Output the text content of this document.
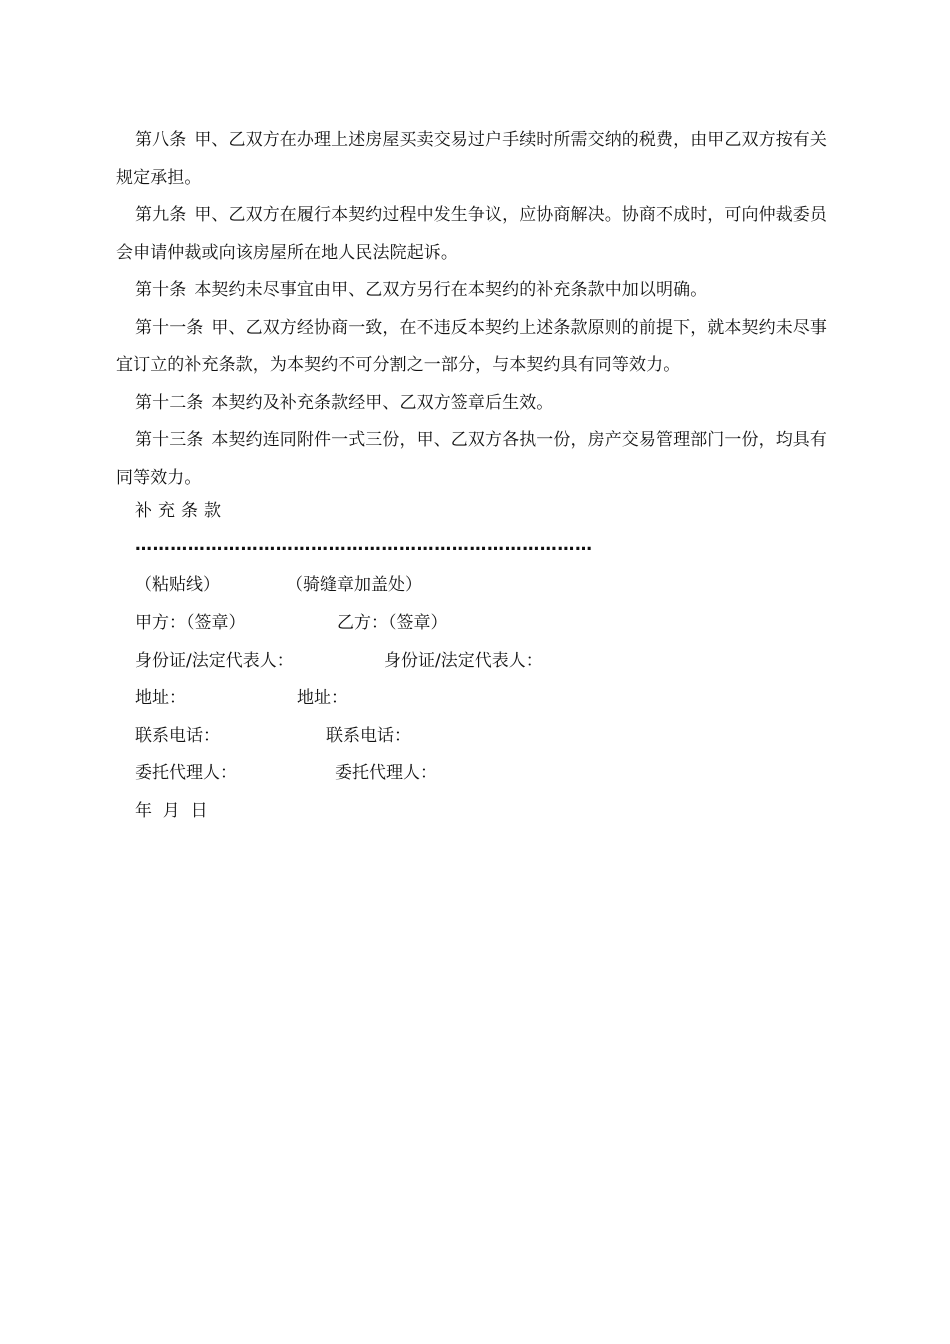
第八条 甲、乙双方在办理上述房屋买卖交易过户手续时所需交纳的税费，由甲乙双方按有关规定承担。

第九条 甲、乙双方在履行本契约过程中发生争议，应协商解决。协商不成时，可向仲裁委员会申请仲裁或向该房屋所在地人民法院起诉。

第十条 本契约未尽事宜由甲、乙双方另行在本契约的补充条款中加以明确。

第十一条 甲、乙双方经协商一致，在不违反本契约上述条款原则的前提下，就本契约未尽事宜订立的补充条款，为本契约不可分割之一部分，与本契约具有同等效力。

第十二条 本契约及补充条款经甲、乙双方签章后生效。

第十三条 本契约连同附件一式三份，甲、乙双方各执一份，房产交易管理部门一份，均具有同等效力。

补充条款
……………………………………………………………………
（粘贴线）	（骑缝章加盖处）
甲方：（签章）	乙方：（签章）
身份证/法定代表人：	身份证/法定代表人：
地址：	地址：
联系电话：	联系电话：
委托代理人：	委托代理人：
年  月  日
